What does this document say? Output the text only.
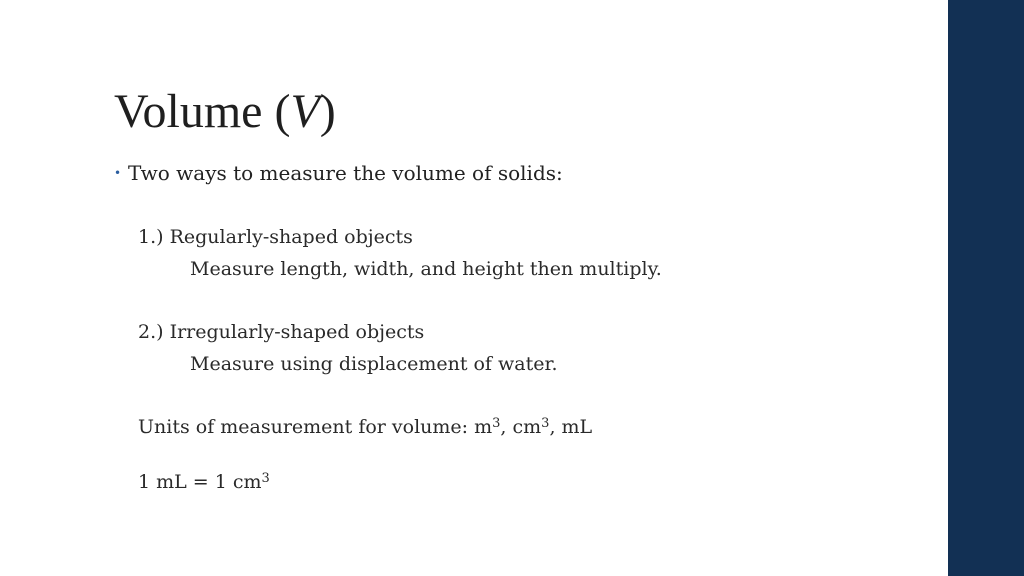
Volume (V)
• Two ways to measure the volume of solids:
1.) Regularly-shaped objects
Measure length, width, and height then multiply.
2.) Irregularly-shaped objects
Measure using displacement of water.
Units of measurement for volume: $m^3$, $cm^3$, mL
1 mL = 1 $cm^3$
